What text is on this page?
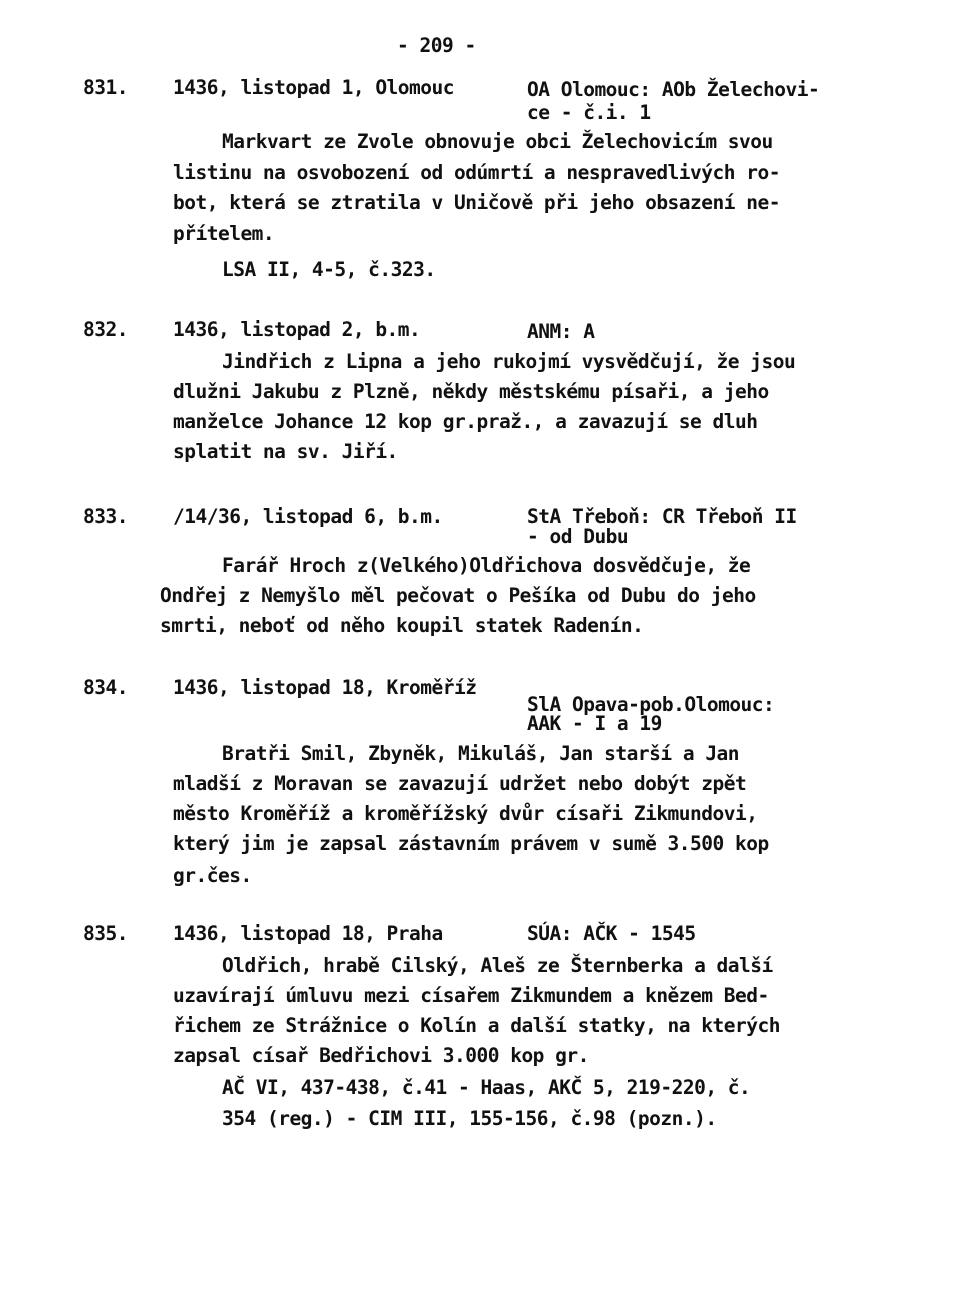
- 209 -
831. 1436, listopad 1, Olomouc	OA Olomouc: AOb Želechovi-
ce - č.i. 1
Markvart ze Zvole obnovuje obci Želechovicím svou
listinu na osvobození od odúmrtí a nespravedlivých ro-
bot, která se ztratila v Uničově při jeho obsazení ne-
přítelem.
LSA II, 4-5, č.323.
832. 1436, listopad 2, b.m.	ANM: A
Jindřich z Lipna a jeho rukojmí vysvědčují, že jsou
dlužni Jakubu z Plzně, někdy městskému písaři, a jeho
manželce Johance 12 kop gr.praž., a zavazují se dluh
splatit na sv. Jiří.
833. /14/36, listopad 6, b.m.	StA Třeboň: CR Třeboň II
- od Dubu
Farář Hroch z(Velkého)Oldřichova dosvědčuje, že
Ondřej z Nemyšlo měl pečovat o Pešíka od Dubu do jeho
smrti, neboť od něho koupil statek Radenín.
834. 1436, listopad 18, Kroměříž
SlA Opava-pob.Olomouc:
AAK - I a 19
Bratři Smil, Zbyněk, Mikuláš, Jan starší a Jan
mladší z Moravan se zavazují udržet nebo dobýt zpět
město Kroměříž a kroměřížský dvůr císaři Zikmundovi,
který jim je zapsal zástavním právem v sumě 3.500 kop
gr.čes.
835. 1436, listopad 18, Praha	SÚA: AČK - 1545
Oldřich, hrabě Cilský, Aleš ze Šternberka a další
uzavírají úmluvu mezi císařem Zikmundem a knězem Bed-
řichem ze Strážnice o Kolín a další statky, na kterých
zapsal císař Bedřichovi 3.000 kop gr.
AČ VI, 437-438, č.41 - Haas, AKČ 5, 219-220, č.
354 (reg.) - CIM III, 155-156, č.98 (pozn.).
